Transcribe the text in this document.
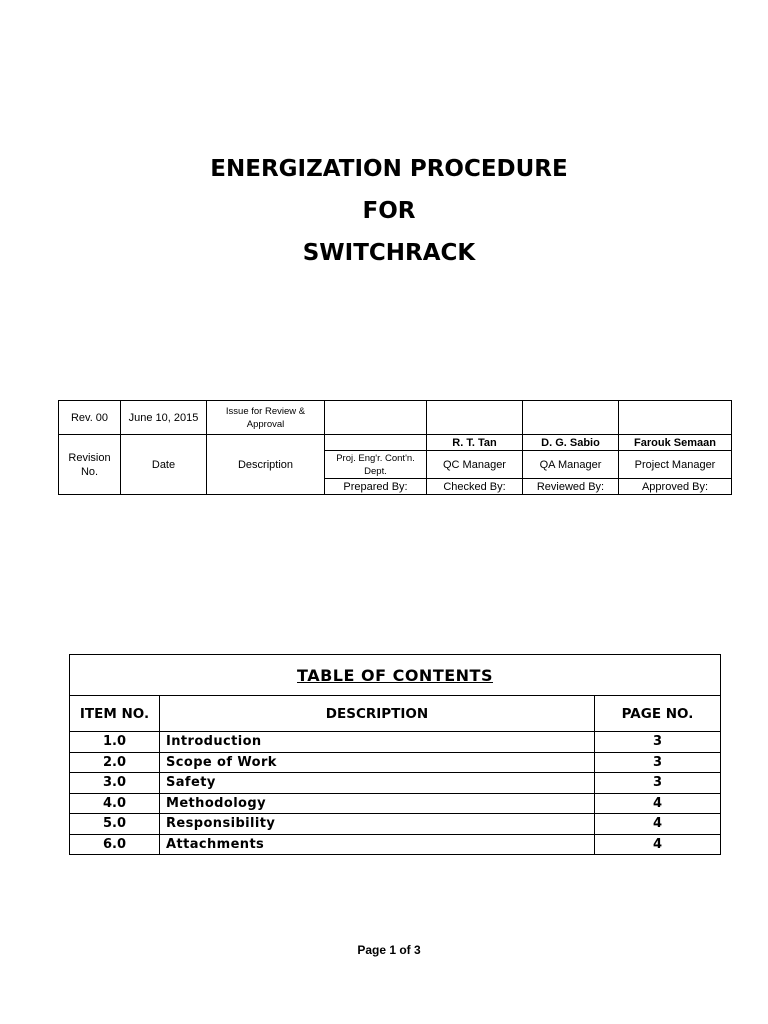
ENERGIZATION PROCEDURE
FOR
SWITCHRACK
Rev. 00	June 10, 2015	Issue for Review & Approval				
Revision No.	Date	Description		R. T. Tan	D. G. Sabio	Farouk Semaan
			Proj. Eng'r. Cont'n. Dept.	QC Manager	QA Manager	Project Manager
			Prepared By:	Checked By:	Reviewed By:	Approved By:
TABLE OF CONTENTS		
ITEM NO.	DESCRIPTION	PAGE NO.
1.0	Introduction	3
2.0	Scope of Work	3
3.0	Safety	3
4.0	Methodology	4
5.0	Responsibility	4
6.0	Attachments	4
Page 1 of 3
